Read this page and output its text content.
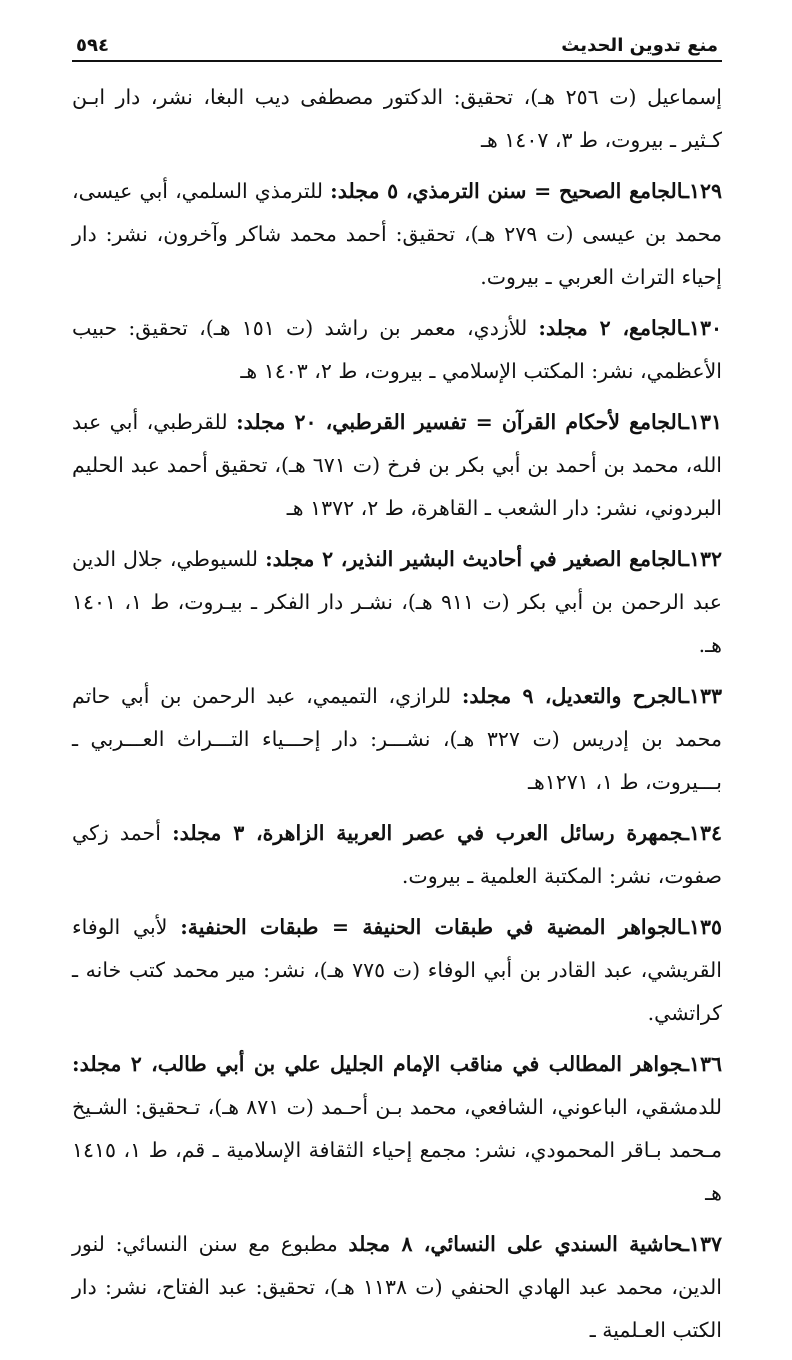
منع تدوين الحديث
٥٩٤

إسماعيل (ت ٢٥٦ هـ)، تحقيق: الدكتور مصطفى ديب البغا، نشر، دار ابـن كـثير ـ بيروت، ط ٣، ١٤٠٧ هـ

١٢٩ـالجامع الصحيح = سنن الترمذي، ٥ مجلد: للترمذي السلمي، أبي عيسى، محمد بن عيسى (ت ٢٧٩ هـ)، تحقيق: أحمد محمد شاكر وآخرون، نشر: دار إحياء التراث العربي ـ بيروت.

١٣٠ـالجامع، ٢ مجلد: للأزدي، معمر بن راشد (ت ١٥١ هـ)، تحقيق: حبيب الأعظمي، نشر: المكتب الإسلامي ـ بيروت، ط ٢، ١٤٠٣ هـ

١٣١ـالجامع لأحكام القرآن = تفسير القرطبي، ٢٠ مجلد: للقرطبي، أبي عبد الله، محمد بن أحمد بن أبي بكر بن فرخ (ت ٦٧١ هـ)، تحقيق أحمد عبد الحليم البردوني، نشر: دار الشعب ـ القاهرة، ط ٢، ١٣٧٢ هـ

١٣٢ـالجامع الصغير في أحاديث البشير النذير، ٢ مجلد: للسيوطي، جلال الدين عبد الرحمن بن أبي بكر (ت ٩١١ هـ)، نشـر دار الفكر ـ بيـروت، ط ١، ١٤٠١ هـ.

١٣٣ـالجرح والتعديل، ٩ مجلد: للرازي، التميمي، عبد الرحمن بن أبي حاتم محمد بن إدريس (ت ٣٢٧ هـ)، نشـــر: دار إحـــياء التـــراث العـــربي ـ بـــيروت، ط ١، ١٢٧١هـ

١٣٤ـجمهرة رسائل العرب في عصر العربية الزاهرة، ٣ مجلد: أحمد زكي صفوت، نشر: المكتبة العلمية ـ بيروت.

١٣٥ـالجواهر المضية في طبقات الحنيفة = طبقات الحنفية: لأبي الوفاء القريشي، عبد القادر بن أبي الوفاء (ت ٧٧٥ هـ)، نشر: مير محمد كتب خانه ـ كراتشي.

١٣٦ـجواهر المطالب في مناقب الإمام الجليل علي بن أبي طالب، ٢ مجلد: للدمشقي، الباعوني، الشافعي، محمد بـن أحـمد (ت ٨٧١ هـ)، تـحقيق: الشـيخ مـحمد بـاقر المحمودي، نشر: مجمع إحياء الثقافة الإسلامية ـ قم، ط ١، ١٤١٥ هـ

١٣٧ـحاشية السندي على النسائي، ٨ مجلد مطبوع مع سنن النسائي: لنور الدين، محمد عبد الهادي الحنفي (ت ١١٣٨ هـ)، تحقيق: عبد الفتاح، نشر: دار الكتب العـلمية ـ
